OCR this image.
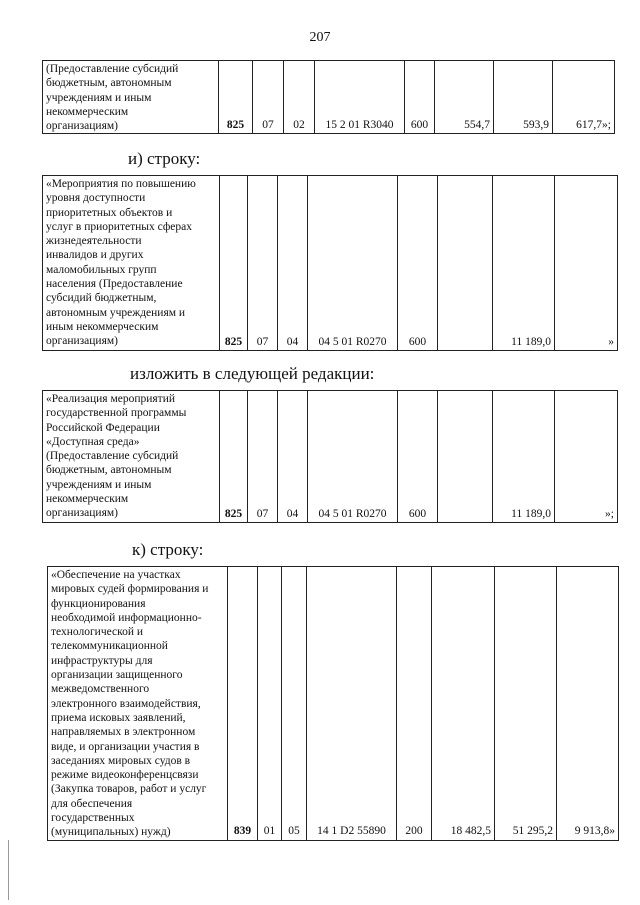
207
(Предоставление субсидий
бюджетным, автономным
учреждениям и иным
некоммерческим
организациям)	825	07	02	15 2 01 R3040	600	554,7	593,9	617,7»;
и) строку:
«Мероприятия по повышению
уровня доступности
приоритетных объектов и
услуг в приоритетных сферах
жизнедеятельности
инвалидов и других
маломобильных групп
населения (Предоставление
субсидий бюджетным,
автономным учреждениям и
иным некоммерческим
организациям)	825	07	04	04 5 01 R0270	600		11 189,0	»
изложить в следующей редакции:
«Реализация мероприятий
государственной программы
Российской Федерации
«Доступная среда»
(Предоставление субсидий
бюджетным, автономным
учреждениям и иным
некоммерческим
организациям)	825	07	04	04 5 01 R0270	600		11 189,0	»;
к) строку:
«Обеспечение на участках
мировых судей формирования и
функционирования
необходимой информационно-
технологической и
телекоммуникационной
инфраструктуры для
организации защищенного
межведомственного
электронного взаимодействия,
приема исковых заявлений,
направляемых в электронном
виде, и организации участия в
заседаниях мировых судов в
режиме видеоконференцсвязи
(Закупка товаров, работ и услуг
для обеспечения
государственных
(муниципальных) нужд)	839	01	05	14 1 D2 55890	200	18 482,5	51 295,2	9 913,8»
